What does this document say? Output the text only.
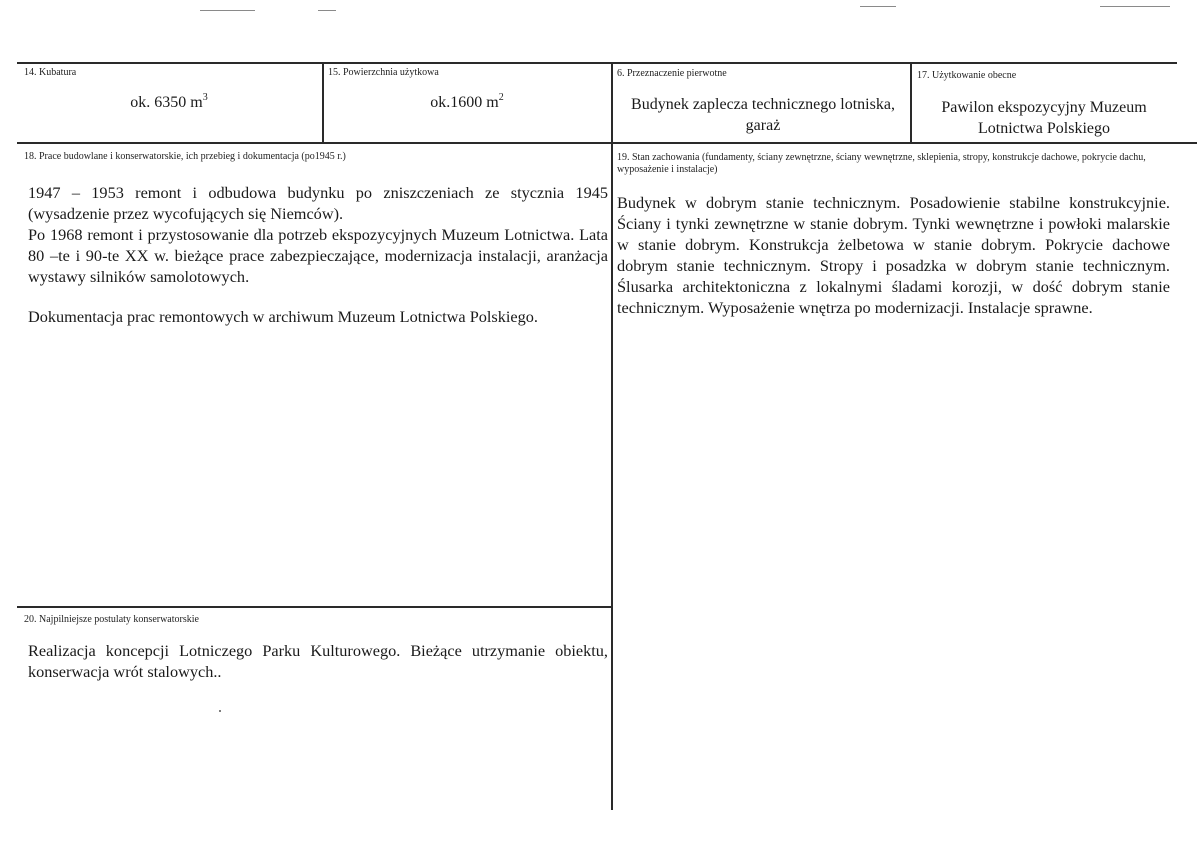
14. Kubatura
ok. 6350 $m^3$
15. Powierzchnia użytkowa
ok.1600 $m^2$
6. Przeznaczenie pierwotne
Budynek zaplecza technicznego lotniska, garaż
17. Użytkowanie obecne
Pawilon ekspozycyjny Muzeum Lotnictwa Polskiego
18. Prace budowlane i konserwatorskie, ich przebieg i dokumentacja (po1945 r.)

1947 – 1953 remont i odbudowa budynku po zniszczeniach ze stycznia 1945 (wysadzenie przez wycofujących się Niemców).

Po 1968 remont i przystosowanie dla potrzeb ekspozycyjnych Muzeum Lotnictwa. Lata 80 –te i 90-te XX w. bieżące prace zabezpieczające, modernizacja instalacji, aranżacja wystawy silników samolotowych.

Dokumentacja prac remontowych w archiwum Muzeum Lotnictwa Polskiego.

19. Stan zachowania (fundamenty, ściany zewnętrzne, ściany wewnętrzne, sklepienia, stropy, konstrukcje dachowe, pokrycie dachu, wyposażenie i instalacje)
Budynek w dobrym stanie technicznym. Posadowienie stabilne konstrukcyjnie. Ściany i tynki zewnętrzne w stanie dobrym. Tynki wewnętrzne i powłoki malarskie w stanie dobrym. Konstrukcja żelbetowa w stanie dobrym. Pokrycie dachowe dobrym stanie technicznym. Stropy i posadzka w dobrym stanie technicznym. Ślusarka architektoniczna z lokalnymi śladami korozji, w dość dobrym stanie technicznym. Wyposażenie wnętrza po modernizacji. Instalacje sprawne.
20. Najpilniejsze postulaty konserwatorskie
Realizacja koncepcji Lotniczego Parku Kulturowego. Bieżące utrzymanie obiektu, konserwacja wrót stalowych..
